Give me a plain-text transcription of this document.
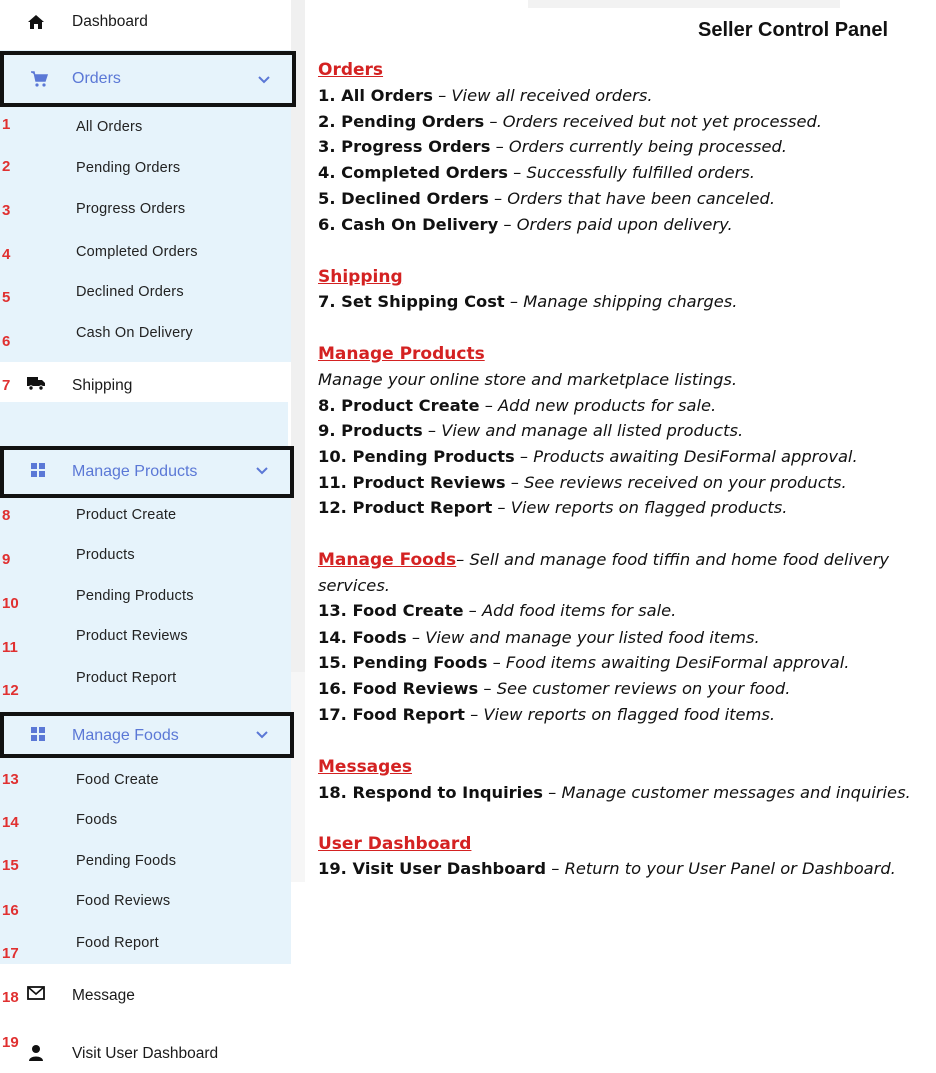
Dashboard
Orders
All Orders
Pending Orders
Progress Orders
Completed Orders
Declined Orders
Cash On Delivery
Shipping
Manage Products
Product Create
Products
Pending Products
Product Reviews
Product Report
Manage Foods
Food Create
Foods
Pending Foods
Food Reviews
Food Report
Message
Visit User Dashboard
1
2
3
4
5
6
7
8
9
10
11
12
13
14
15
16
17
18
19
Seller Control Panel
Orders
1. All Orders – View all received orders.
2. Pending Orders – Orders received but not yet processed.
3. Progress Orders – Orders currently being processed.
4. Completed Orders – Successfully fulfilled orders.
5. Declined Orders – Orders that have been canceled.
6. Cash On Delivery – Orders paid upon delivery.
Shipping
7. Set Shipping Cost – Manage shipping charges.
Manage Products
Manage your online store and marketplace listings.
8. Product Create – Add new products for sale.
9. Products – View and manage all listed products.
10. Pending Products – Products awaiting DesiFormal approval.
11. Product Reviews – See reviews received on your products.
12. Product Report – View reports on flagged products.
Manage Foods– Sell and manage food tiffin and home food delivery
services.
13. Food Create – Add food items for sale.
14. Foods – View and manage your listed food items.
15. Pending Foods – Food items awaiting DesiFormal approval.
16. Food Reviews – See customer reviews on your food.
17. Food Report – View reports on flagged food items.
Messages
18. Respond to Inquiries – Manage customer messages and inquiries.
User Dashboard
19. Visit User Dashboard – Return to your User Panel or Dashboard.
